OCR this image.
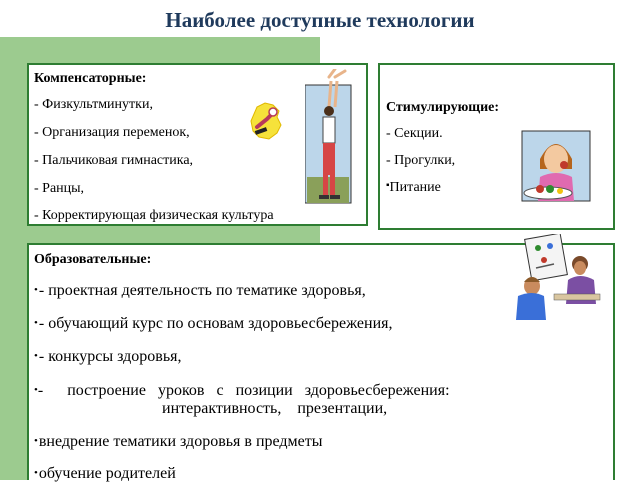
Наиболее доступные технологии
Компенсаторные:
- Физкультминутки,
- Организация переменок,
- Пальчиковая гимнастика,
- Ранцы,
- Корректирующая физическая культура
Стимулирующие:
- Секции.
- Прогулки,
▪Питание
Образовательные:
•- проектная деятельность по тематике здоровья,
•- обучающий курс по основам здоровьесбережения,
•- конкурсы здоровья,
•-      построение   уроков   с   позиции   здоровьесбережения:
интерактивность,    презентации,
•внедрение тематики здоровья в предметы
•обучение родителей
